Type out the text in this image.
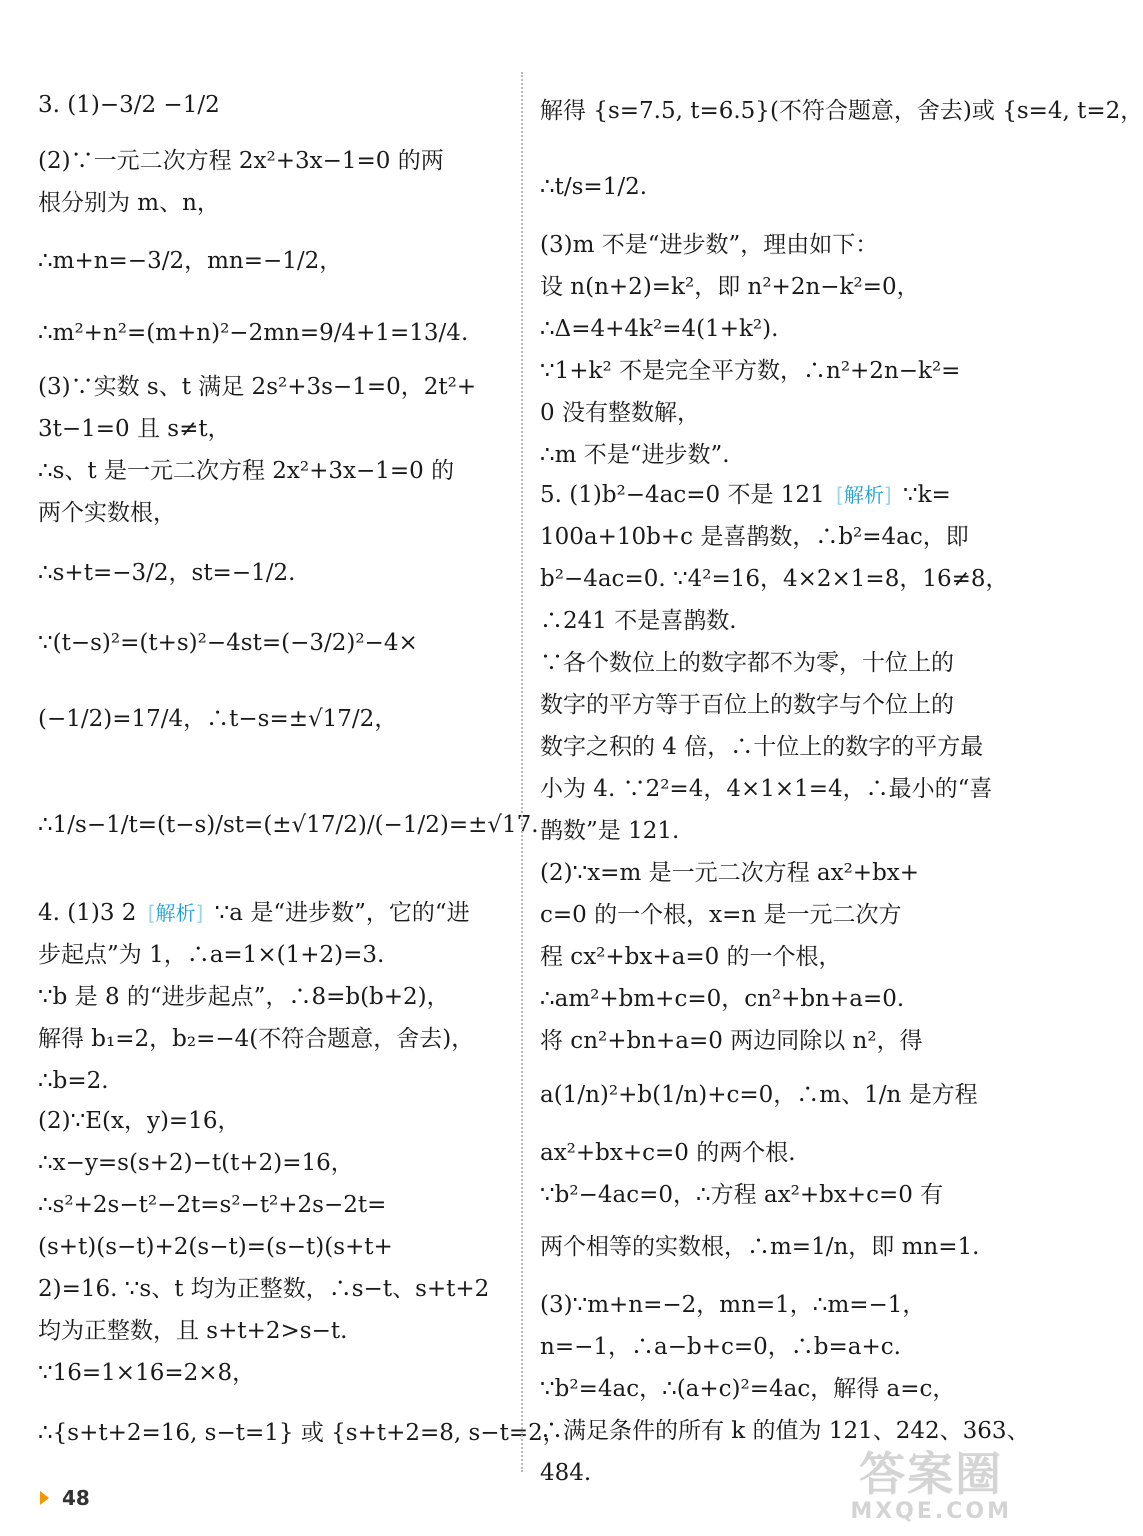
3. (1)−3/2 −1/2
(2)∵一元二次方程 2x²+3x−1=0 的两
根分别为 m、n，
∴m+n=−3/2，mn=−1/2，
∴m²+n²=(m+n)²−2mn=9/4+1=13/4.
(3)∵实数 s、t 满足 2s²+3s−1=0，2t²+
3t−1=0 且 s≠t，
∴s、t 是一元二次方程 2x²+3x−1=0 的
两个实数根，
∴s+t=−3/2，st=−1/2.
∵(t−s)²=(t+s)²−4st=(−3/2)²−4×
(−1/2)=17/4，∴t−s=±√17/2，
∴1/s−1/t=(t−s)/st=(±√17/2)/(−1/2)=±√17.
4. (1)3 2 [ 解析 ] ∵a 是“进步数”，它的“进
步起点”为 1，∴a=1×(1+2)=3.
∵b 是 8 的“进步起点”，∴8=b(b+2)，
解得 b₁=2，b₂=−4(不符合题意，舍去)，
∴b=2.
(2)∵E(x，y)=16，
∴x−y=s(s+2)−t(t+2)=16，
∴s²+2s−t²−2t=s²−t²+2s−2t=
(s+t)(s−t)+2(s−t)=(s−t)(s+t+
2)=16. ∵s、t 均为正整数，∴s−t、s+t+2
均为正整数，且 s+t+2>s−t.
∵16=1×16=2×8，
∴{s+t+2=16, s−t=1} 或 {s+t+2=8, s−t=2，
解得 {s=7.5, t=6.5}(不符合题意，舍去)或 {s=4, t=2，
∴t/s=1/2.
(3)m 不是“进步数”，理由如下：
设 n(n+2)=k²，即 n²+2n−k²=0，
∴Δ=4+4k²=4(1+k²).
∵1+k² 不是完全平方数，∴n²+2n−k²=
0 没有整数解，
∴m 不是“进步数”.
5. (1)b²−4ac=0 不是 121 [ 解析 ] ∵k=
100a+10b+c 是喜鹊数，∴b²=4ac，即
b²−4ac=0. ∵4²=16，4×2×1=8，16≠8，
∴241 不是喜鹊数.
∵各个数位上的数字都不为零，十位上的
数字的平方等于百位上的数字与个位上的
数字之积的 4 倍，∴十位上的数字的平方最
小为 4. ∵2²=4，4×1×1=4，∴最小的“喜
鹊数”是 121.
(2)∵x=m 是一元二次方程 ax²+bx+
c=0 的一个根，x=n 是一元二次方
程 cx²+bx+a=0 的一个根，
∴am²+bm+c=0，cn²+bn+a=0.
将 cn²+bn+a=0 两边同除以 n²，得
a(1/n)²+b(1/n)+c=0，∴m、1/n 是方程
ax²+bx+c=0 的两个根.
∵b²−4ac=0，∴方程 ax²+bx+c=0 有
两个相等的实数根，∴m=1/n，即 mn=1.
(3)∵m+n=−2，mn=1，∴m=−1，
n=−1，∴a−b+c=0，∴b=a+c.
∵b²=4ac，∴(a+c)²=4ac，解得 a=c，
∴满足条件的所有 k 的值为 121、242、363、
484.
48	答案圈
MXQE.COM
